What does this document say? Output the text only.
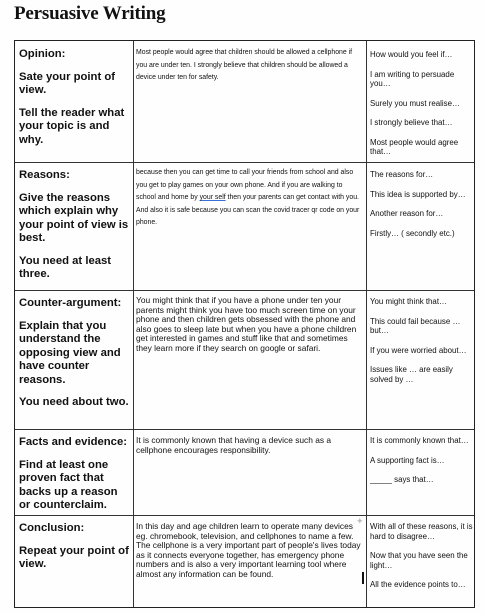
Persuasive Writing

Opinion:

Sate your point of view.

Tell the reader what your topic is and why.

Most people would agree that children should be allowed a cellphone if you are under ten. I strongly believe that children should be allowed a device under ten for safety.

How would you feel if…

I am writing to persuade you…

Surely you must realise…

I strongly believe that…

Most people would agree that…

Reasons:

Give the reasons which explain why your point of view is best.

You need at least three.

because then you can get time to call your friends from school and also you get to play games on your own phone. And if you are walking to school and home by your self then your parents can get contact with you. And also it is safe because you can scan the covid tracer qr code on your phone.

The reasons for…

This idea is supported by…

Another reason for…

Firstly… ( secondly etc.)

Counter-argument:

Explain that you understand the opposing view and have counter reasons.

You need about two.

You might think that if you have a phone under ten your parents might think you have too much screen time on your phone and then children gets obsessed with the phone and also goes to sleep late but when you have a phone children get interested in games and stuff like that and sometimes they learn more if they search on google or safari.

You might think that…

This could fail because … but…

If you were worried about…

Issues like … are easily solved by …

Facts and evidence:

Find at least one proven fact that backs up a reason or counterclaim.

It is commonly known that having a device such as a cellphone encourages responsibility.

It is commonly known that…

A supporting fact is…

_____ says that…

Conclusion:

Repeat your point of view.

In this day and age children learn to operate many devices eg. chromebook, television, and cellphones to name a few. The cellphone is a very important part of people's lives today as it connects everyone together, has emergency phone numbers and is also a very important learning tool where almost any information can be found.

With all of these reasons, it is hard to disagree…

Now that you have seen the light…

All the evidence points to…

✦
